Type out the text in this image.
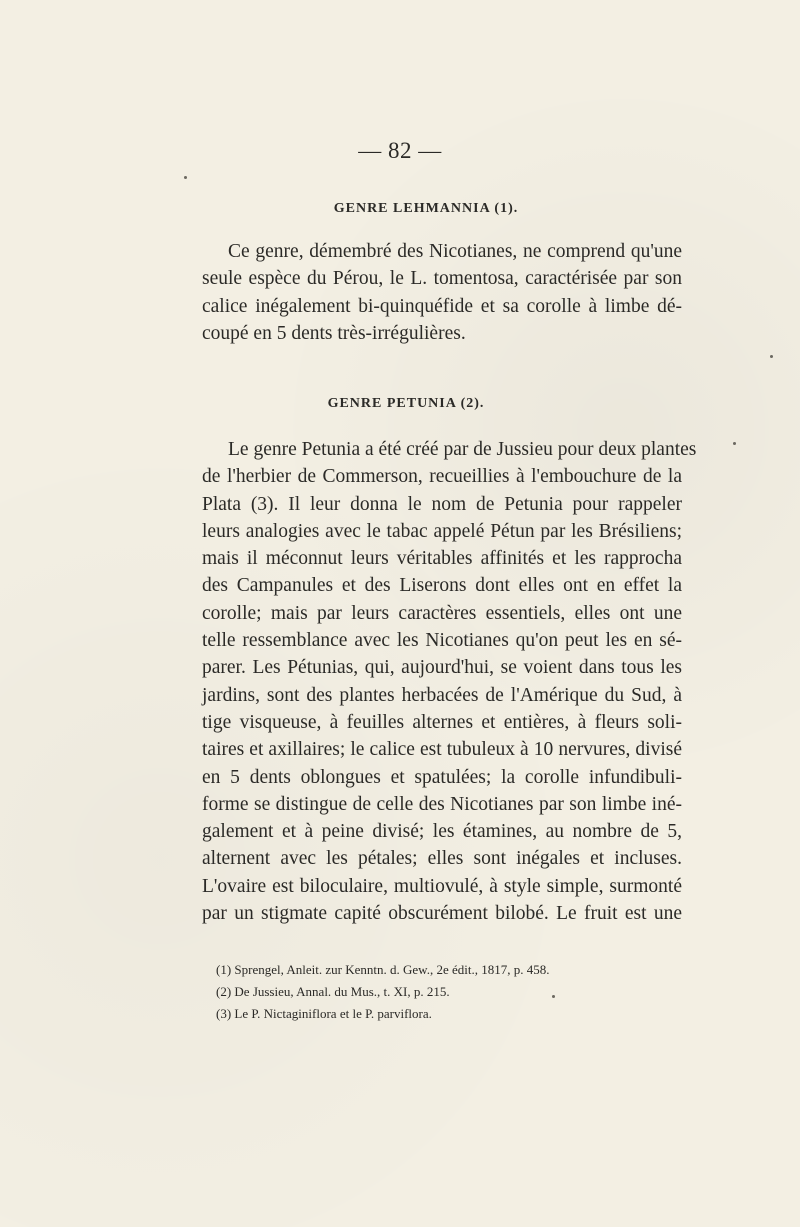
— 82 —
GENRE LEHMANNIA (1).
Ce genre, démembré des Nicotianes, ne comprend qu'une
seule espèce du Pérou, le L. tomentosa, caractérisée par son
calice inégalement bi-quinquéfide et sa corolle à limbe dé-
coupé en 5 dents très-irrégulières.
GENRE PETUNIA (2).
Le genre Petunia a été créé par de Jussieu pour deux plantes
de l'herbier de Commerson, recueillies à l'embouchure de la
Plata (3). Il leur donna le nom de Petunia pour rappeler
leurs analogies avec le tabac appelé Pétun par les Brésiliens;
mais il méconnut leurs véritables affinités et les rapprocha
des Campanules et des Liserons dont elles ont en effet la
corolle; mais par leurs caractères essentiels, elles ont une
telle ressemblance avec les Nicotianes qu'on peut les en sé-
parer. Les Pétunias, qui, aujourd'hui, se voient dans tous les
jardins, sont des plantes herbacées de l'Amérique du Sud, à
tige visqueuse, à feuilles alternes et entières, à fleurs soli-
taires et axillaires; le calice est tubuleux à 10 nervures, divisé
en 5 dents oblongues et spatulées; la corolle infundibuli-
forme se distingue de celle des Nicotianes par son limbe iné-
galement et à peine divisé; les étamines, au nombre de 5,
alternent avec les pétales; elles sont inégales et incluses.
L'ovaire est biloculaire, multiovulé, à style simple, surmonté
par un stigmate capité obscurément bilobé. Le fruit est une
(1) Sprengel, Anleit. zur Kenntn. d. Gew., 2e édit., 1817, p. 458.
(2) De Jussieu, Annal. du Mus., t. XI, p. 215.
(3) Le P. Nictaginiflora et le P. parviflora.
